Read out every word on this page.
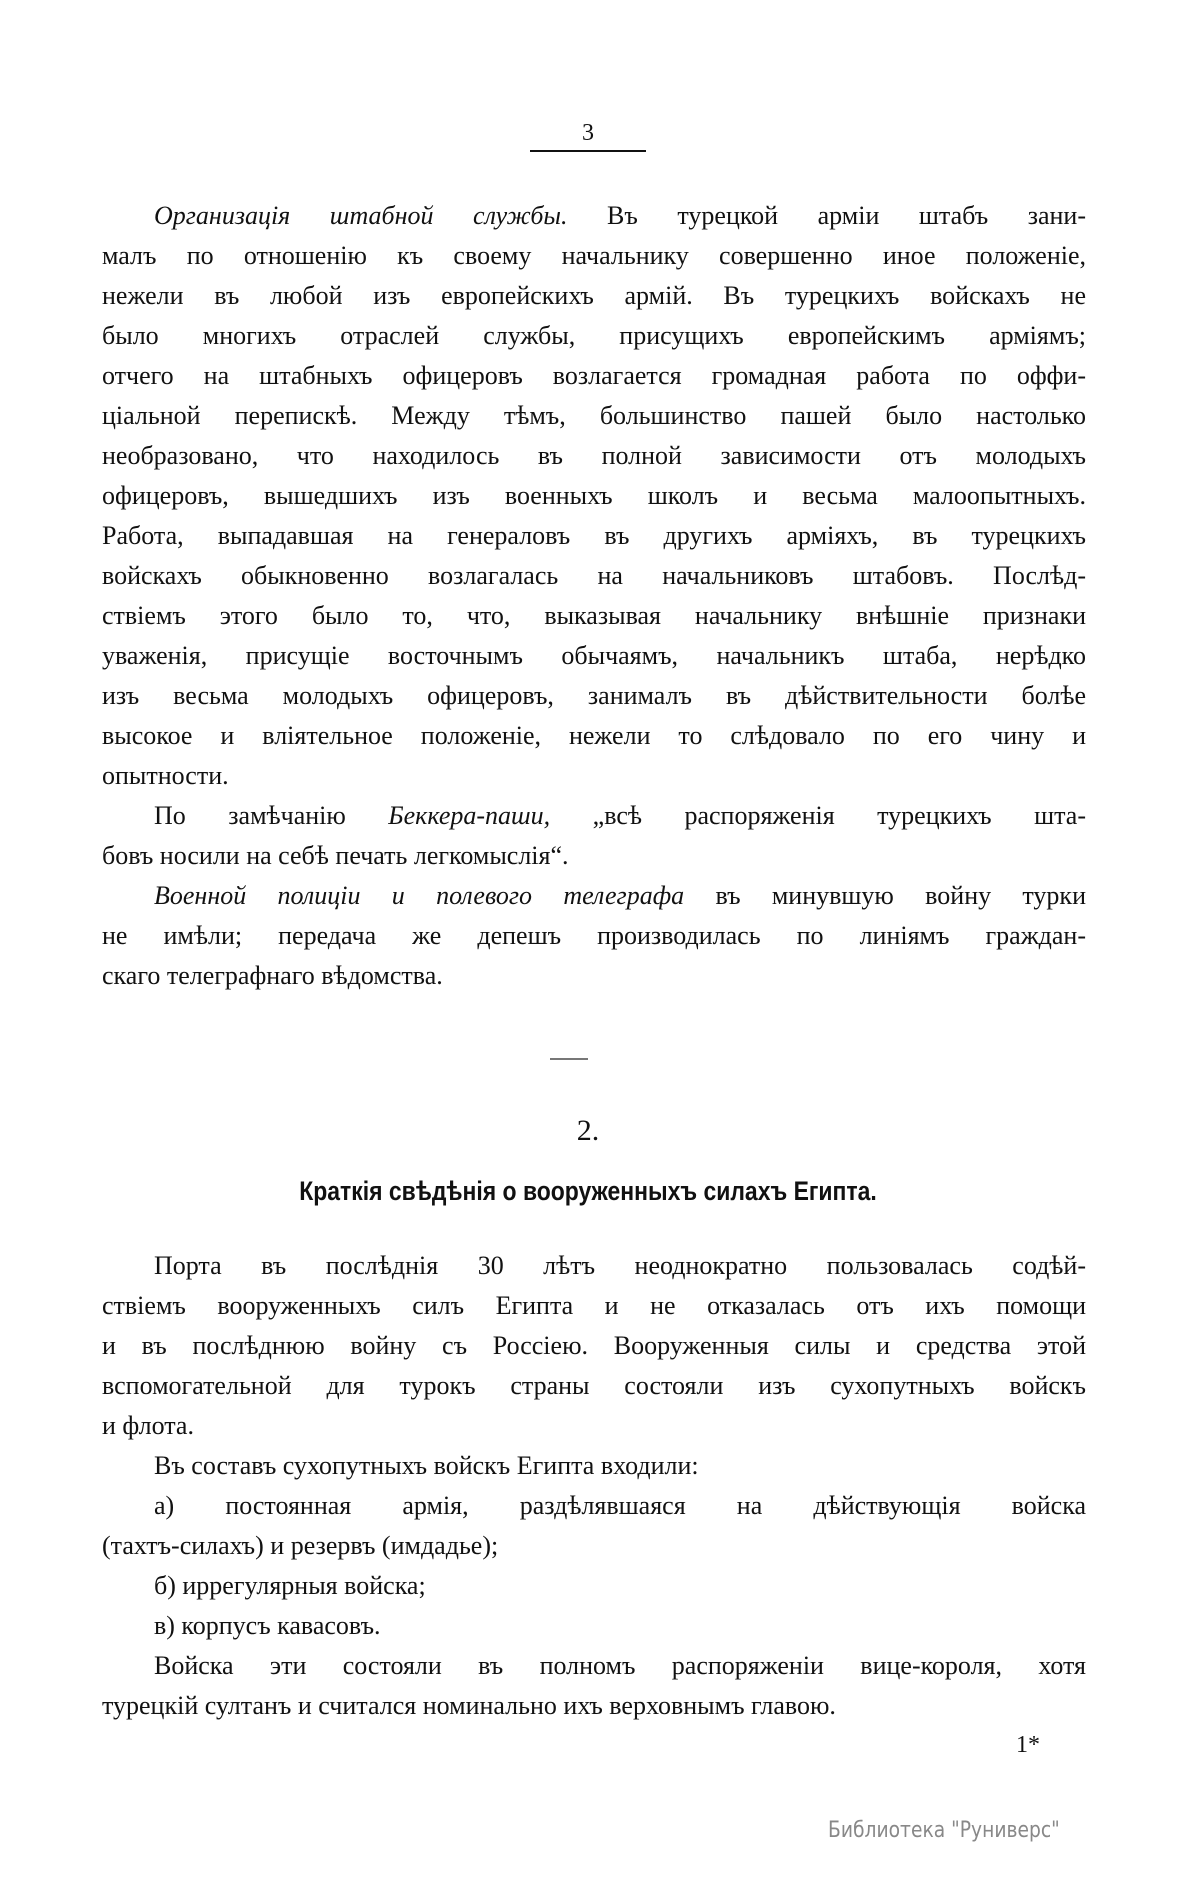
3
Организація штабной службы. Въ турецкой арміи штабъ зани-
малъ по отношенію къ своему начальнику совершенно иное положеніе,
нежели въ любой изъ европейскихъ армій. Въ турецкихъ войскахъ не
было многихъ отраслей службы, присущихъ европейскимъ арміямъ;
отчего на штабныхъ офицеровъ возлагается громадная работа по оффи-
ціальной перепискѣ. Между тѣмъ, большинство пашей было настолько
необразовано, что находилось въ полной зависимости отъ молодыхъ
офицеровъ, вышедшихъ изъ военныхъ школъ и весьма малоопытныхъ.
Работа, выпадавшая на генераловъ въ другихъ арміяхъ, въ турецкихъ
войскахъ обыкновенно возлагалась на начальниковъ штабовъ. Послѣд-
ствіемъ этого было то, что, выказывая начальнику внѣшніе признаки
уваженія, присущіе восточнымъ обычаямъ, начальникъ штаба, нерѣдко
изъ весьма молодыхъ офицеровъ, занималъ въ дѣйствительности болѣе
высокое и вліятельное положеніе, нежели то слѣдовало по его чину и
опытности.
По замѣчанію Беккера-паши, „всѣ распоряженія турецкихъ шта-
бовъ носили на себѣ печать легкомыслія“.
Военной полиціи и полевого телеграфа въ минувшую войну турки
не имѣли; передача же депешъ производилась по линіямъ граждан-
скаго телеграфнаго вѣдомства.
2.
Краткія свѣдѣнія о вооруженныхъ силахъ Египта.
Порта въ послѣднія 30 лѣтъ неоднократно пользовалась содѣй-
ствіемъ вооруженныхъ силъ Египта и не отказалась отъ ихъ помощи
и въ послѣднюю войну съ Россіею. Вооруженныя силы и средства этой
вспомогательной для турокъ страны состояли изъ сухопутныхъ войскъ
и флота.
Въ составъ сухопутныхъ войскъ Египта входили:
а) постоянная армія, раздѣлявшаяся на дѣйствующія войска
(тахтъ-силахъ) и резервъ (имдадье);
б) иррегулярныя войска;
в) корпусъ кавасовъ.
Войска эти состояли въ полномъ распоряженіи вице-короля, хотя
турецкій султанъ и считался номинально ихъ верховнымъ главою.
1*
Библиотека "Руниверс"
